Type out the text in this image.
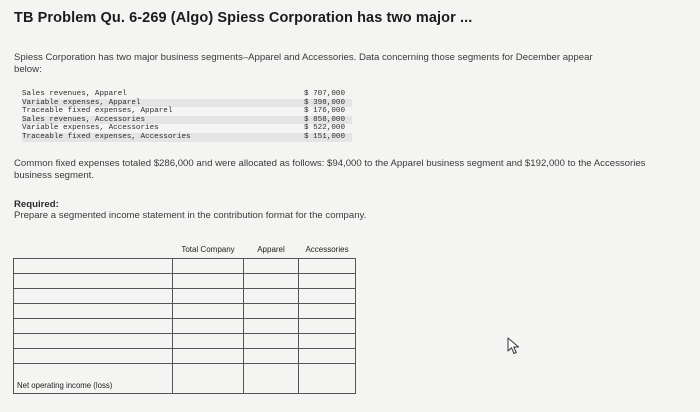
TB Problem Qu. 6-269 (Algo) Spiess Corporation has two major ...
Spiess Corporation has two major business segments–Apparel and Accessories. Data concerning those segments for December appear below:
Sales revenues, Apparel	$ 707,000
Variable expenses, Apparel	$ 398,000
Traceable fixed expenses, Apparel	$ 176,000
Sales revenues, Accessories	$ 858,000
Variable expenses, Accessories	$ 522,000
Traceable fixed expenses, Accessories	$ 151,000
Common fixed expenses totaled $286,000 and were allocated as follows: $94,000 to the Apparel business segment and $192,000 to the Accessories business segment.
Required:
Prepare a segmented income statement in the contribution format for the company.
	Total Company	Apparel	Accessories

Net operating income (loss)	
